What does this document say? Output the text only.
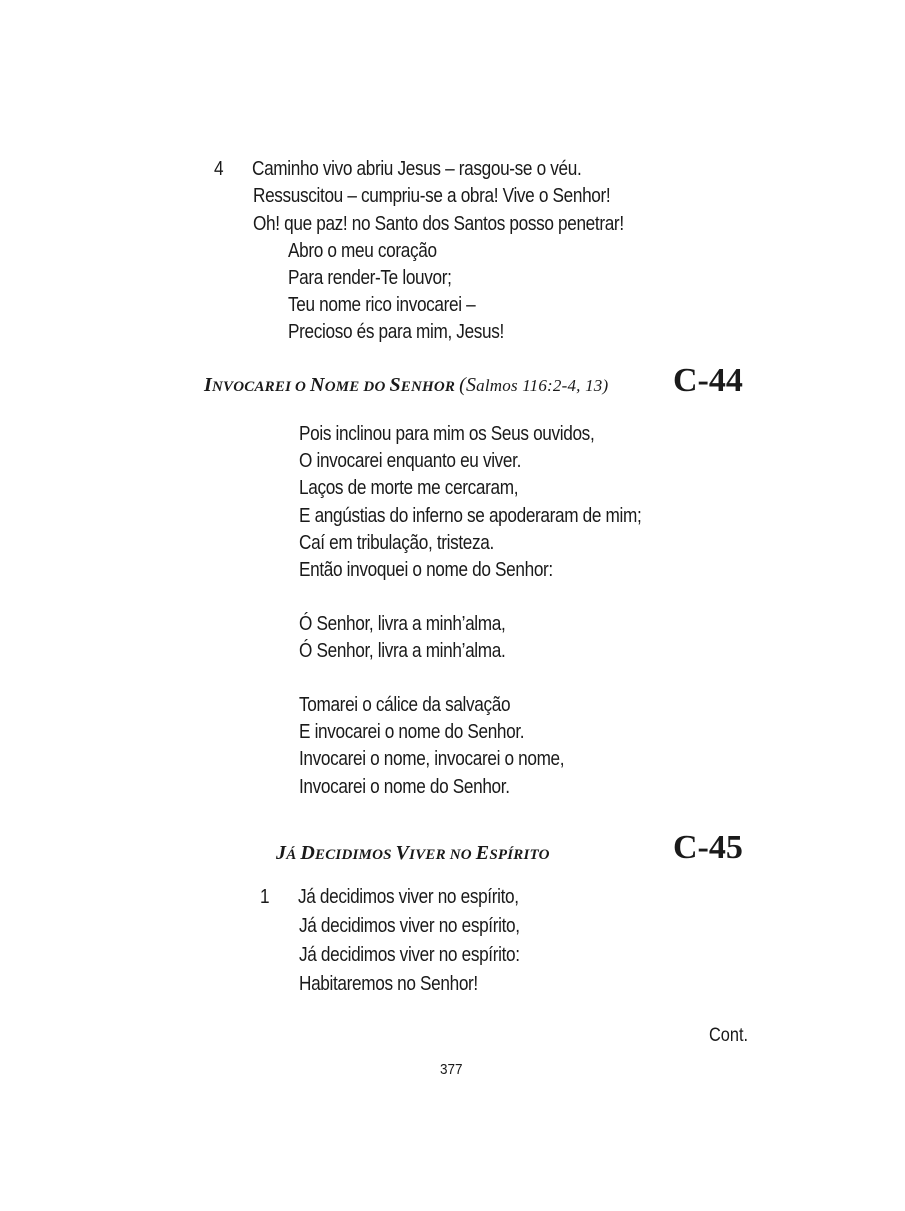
4 Caminho vivo abriu Jesus – rasgou-se o véu.
Ressuscitou – cumpriu-se a obra! Vive o Senhor!
Oh! que paz! no Santo dos Santos posso penetrar!
Abro o meu coração
Para render-Te louvor;
Teu nome rico invocarei –
Precioso és para mim, Jesus!
INVOCAREI O NOME DO SENHOR (Salmos 116:2-4, 13) C-44
Pois inclinou para mim os Seus ouvidos,
O invocarei enquanto eu viver.
Laços de morte me cercaram,
E angústias do inferno se apoderaram de mim;
Caí em tribulação, tristeza.
Então invoquei o nome do Senhor:
Ó Senhor, livra a minh’alma,
Ó Senhor, livra a minh’alma.
Tomarei o cálice da salvação
E invocarei o nome do Senhor.
Invocarei o nome, invocarei o nome,
Invocarei o nome do Senhor.
JÁ DECIDIMOS VIVER NO ESPÍRITO	C-45
1 Já decidimos viver no espírito,
Já decidimos viver no espírito,
Já decidimos viver no espírito:
Habitaremos no Senhor!
Cont.
377
